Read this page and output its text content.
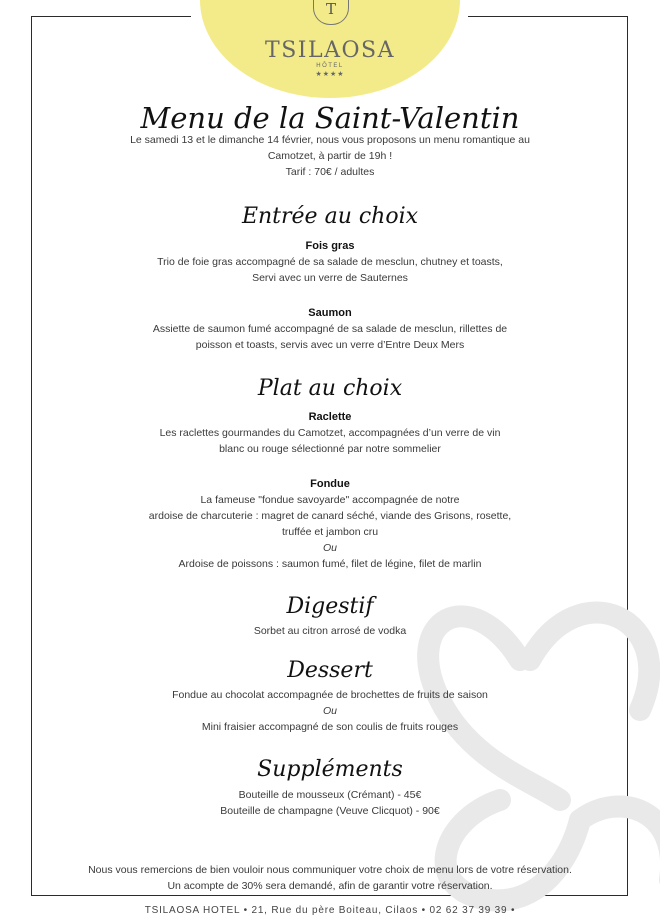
T
TSILAOSA
HÔTEL
★★★★
Menu de la Saint-Valentin
Le samedi 13 et le dimanche 14 février, nous vous proposons un menu romantique au
Camotzet, à partir de 19h !
Tarif : 70€ / adultes
Entrée au choix
Fois gras
Trio de foie gras accompagné de sa salade de mesclun, chutney et toasts,
Servi avec un verre de Sauternes
Saumon
Assiette de saumon fumé accompagné de sa salade de mesclun, rillettes de
poisson et toasts, servis avec un verre d’Entre Deux Mers
Plat au choix
Raclette
Les raclettes gourmandes du Camotzet, accompagnées d’un verre de vin
blanc ou rouge sélectionné par notre sommelier
Fondue
La fameuse "fondue savoyarde" accompagnée de notre
ardoise de charcuterie : magret de canard séché, viande des Grisons, rosette,
truffée et jambon cru
Ou
Ardoise de poissons : saumon fumé, filet de légine, filet de marlin
Digestif
Sorbet au citron arrosé de vodka
Dessert
Fondue au chocolat accompagnée de brochettes de fruits de saison
Ou
Mini fraisier accompagné de son coulis de fruits rouges
Suppléments
Bouteille de mousseux (Crémant) - 45€
Bouteille de champagne (Veuve Clicquot) - 90€
Nous vous remercions de bien vouloir nous communiquer votre choix de menu lors de votre réservation.
Un acompte de 30% sera demandé, afin de garantir votre réservation.
TSILAOSA HOTEL • 21, Rue du père Boiteau, Cilaos • 02 62 37 39 39 •
